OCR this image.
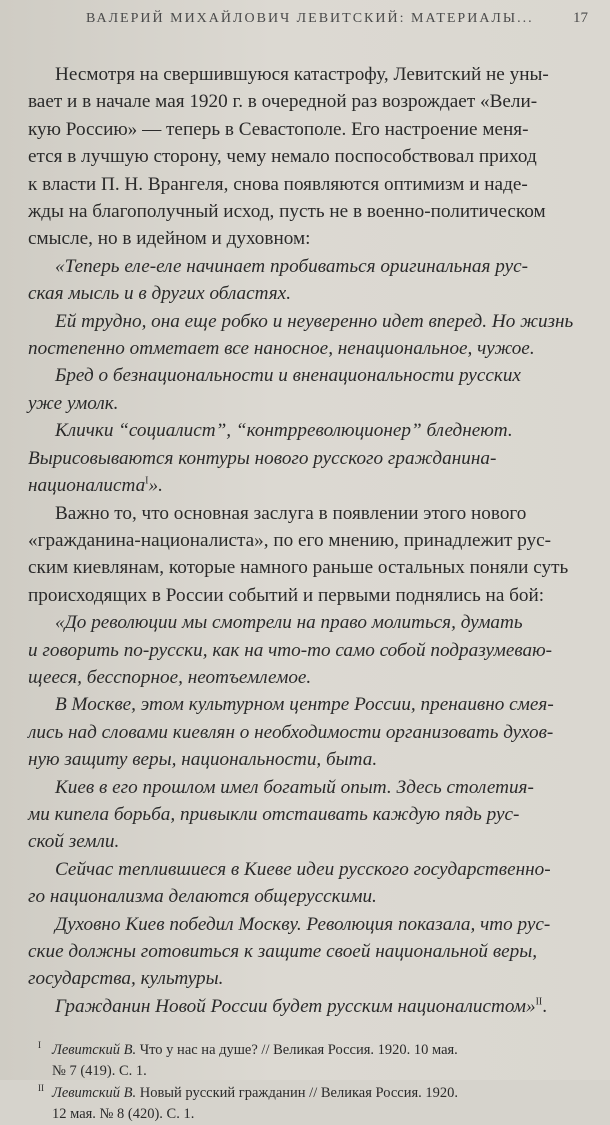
ВАЛЕРИЙ МИХАЙЛОВИЧ ЛЕВИТСКИЙ: МАТЕРИАЛЫ...	17

Несмотря на свершившуюся катастрофу, Левитский не уны-
вает и в начале мая 1920 г. в очередной раз возрождает «Вели-
кую Россию» — теперь в Севастополе. Его настроение меня-
ется в лучшую сторону, чему немало поспособствовал приход
к власти П. Н. Врангеля, снова появляются оптимизм и наде-
жды на благополучный исход, пусть не в военно-политическом
смысле, но в идейном и духовном:

«Теперь еле-еле начинает пробиваться оригинальная рус-

ская мысль и в других областях.

Ей трудно, она еще робко и неуверенно идет вперед. Но жизнь

постепенно отметает все наносное, ненациональное, чужое.

Бред о безнациональности и вненациональности русских

уже умолк.

Клички “социалист”, “контрреволюционер” бледнеют.

Вырисовываются контуры нового русского гражданина-

националиста$^I$».

Важно то, что основная заслуга в появлении этого нового
«гражданина-националиста», по его мнению, принадлежит рус-
ским киевлянам, которые намного раньше остальных поняли суть
происходящих в России событий и первыми поднялись на бой:

«До революции мы смотрели на право молиться, думать

и говорить по-русски, как на что-то само собой подразумеваю-

щееся, бесспорное, неотъемлемое.

В Москве, этом культурном центре России, пренаивно смея-

лись над словами киевлян о необходимости организовать духов-

ную защиту веры, национальности, быта.

Киев в его прошлом имел богатый опыт. Здесь столетия-

ми кипела борьба, привыкли отстаивать каждую пядь рус-

ской земли.

Сейчас теплившиеся в Киеве идеи русского государственно-

го национализма делаются общерусскими.

Духовно Киев победил Москву. Революция показала, что рус-

ские должны готовиться к защите своей национальной веры,

государства, культуры.

Гражданин Новой России будет русским националистом»$^{II}$.

I Левитский В. Что у нас на душе? // Великая Россия. 1920. 10 мая.
№ 7 (419). С. 1.

II Левитский В. Новый русский гражданин // Великая Россия. 1920.
12 мая. № 8 (420). С. 1.
